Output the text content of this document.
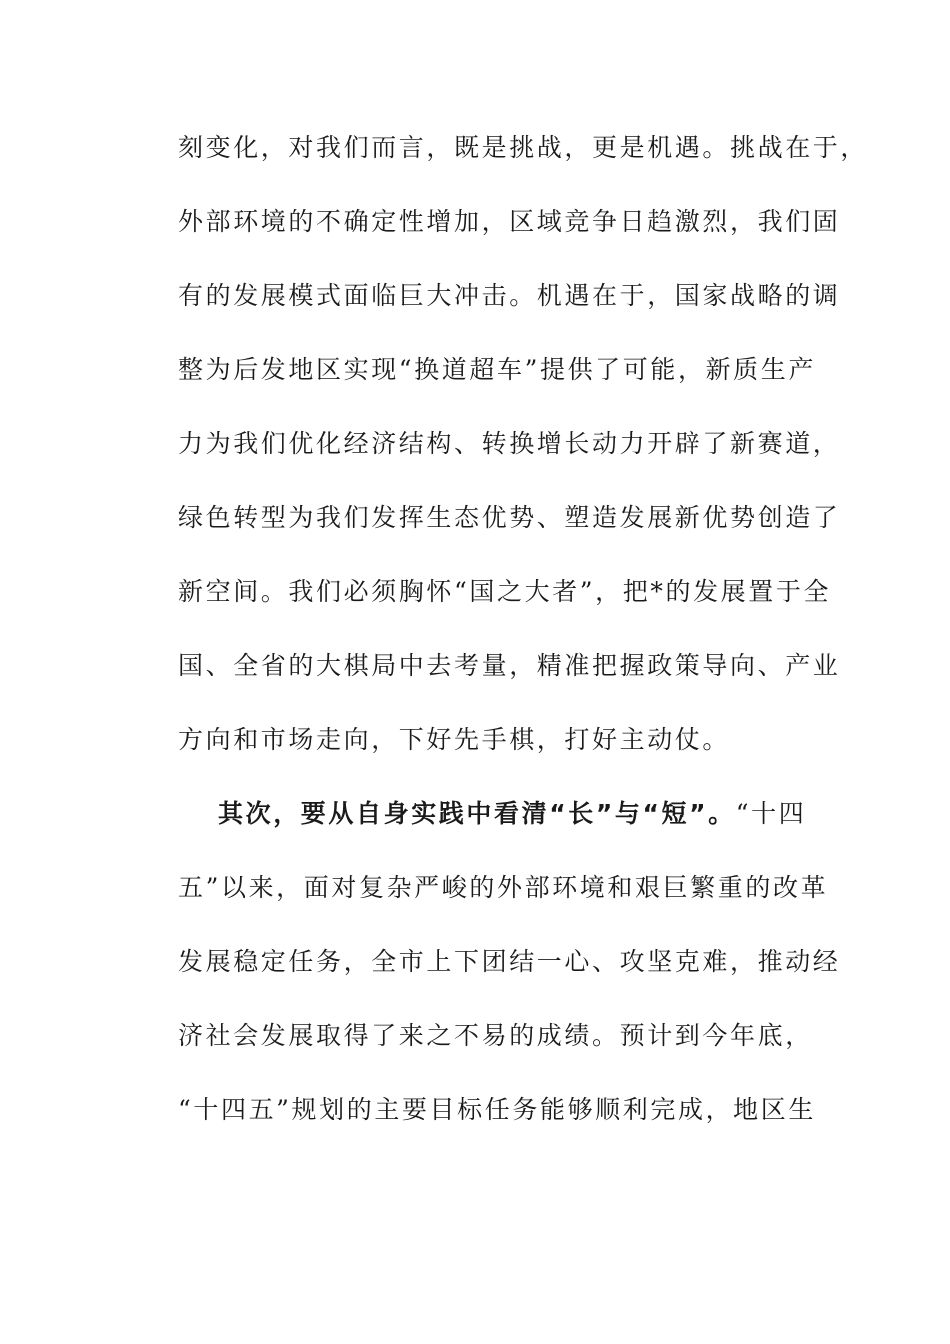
刻变化，对我们而言，既是挑战，更是机遇。挑战在于，
外部环境的不确定性增加，区域竞争日趋激烈，我们固
有的发展模式面临巨大冲击。机遇在于，国家战略的调
整为后发地区实现“换道超车”提供了可能，新质生产
力为我们优化经济结构、转换增长动力开辟了新赛道，
绿色转型为我们发挥生态优势、塑造发展新优势创造了
新空间。我们必须胸怀“国之大者”，把*的发展置于全
国、全省的大棋局中去考量，精准把握政策导向、产业
方向和市场走向，下好先手棋，打好主动仗。
其次，要从自身实践中看清“长”与“短”。“十四
五”以来，面对复杂严峻的外部环境和艰巨繁重的改革
发展稳定任务，全市上下团结一心、攻坚克难，推动经
济社会发展取得了来之不易的成绩。预计到今年底，
“十四五”规划的主要目标任务能够顺利完成，地区生
